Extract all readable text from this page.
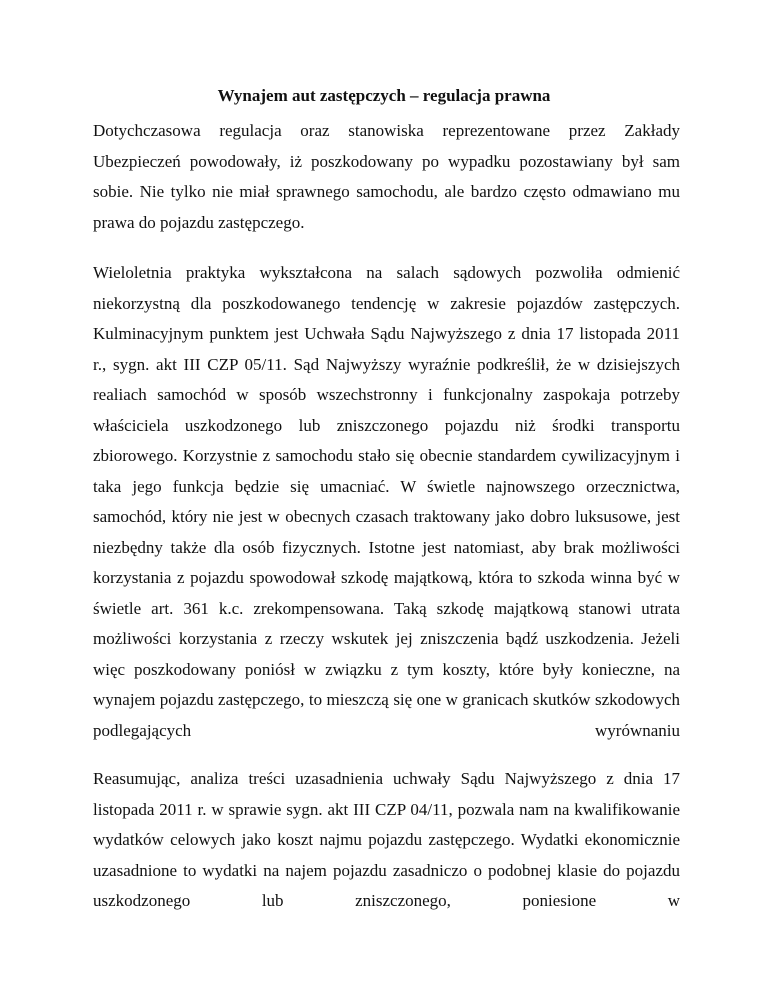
Wynajem aut zastępczych – regulacja prawna

Dotychczasowa regulacja oraz stanowiska reprezentowane przez Zakłady Ubezpieczeń powodowały, iż poszkodowany po wypadku pozostawiany był sam sobie. Nie tylko nie miał sprawnego samochodu, ale bardzo często odmawiano mu prawa do pojazdu zastępczego.

Wieloletnia praktyka wykształcona na salach sądowych pozwoliła odmienić niekorzystną dla poszkodowanego tendencję w zakresie pojazdów zastępczych. Kulminacyjnym punktem jest Uchwała Sądu Najwyższego z dnia 17 listopada 2011 r., sygn. akt III CZP 05/11. Sąd Najwyższy wyraźnie podkreślił, że w dzisiejszych realiach samochód w sposób wszechstronny i funkcjonalny zaspokaja potrzeby właściciela uszkodzonego lub zniszczonego pojazdu niż środki transportu zbiorowego. Korzystnie z samochodu stało się obecnie standardem cywilizacyjnym i taka jego funkcja będzie się umacniać. W świetle najnowszego orzecznictwa, samochód, który nie jest w obecnych czasach traktowany jako dobro luksusowe, jest niezbędny także dla osób fizycznych. Istotne jest natomiast, aby brak możliwości korzystania z pojazdu spowodował szkodę majątkową, która to szkoda winna być w świetle art. 361 k.c. zrekompensowana. Taką szkodę majątkową stanowi utrata możliwości korzystania z rzeczy wskutek jej zniszczenia bądź uszkodzenia. Jeżeli więc poszkodowany poniósł w związku z tym koszty, które były konieczne, na wynajem pojazdu zastępczego, to mieszczą się one w granicach skutków szkodowych podlegających wyrównaniu

Reasumując, analiza treści uzasadnienia uchwały Sądu Najwyższego z dnia 17 listopada 2011 r. w sprawie sygn. akt III CZP 04/11, pozwala nam na kwalifikowanie wydatków celowych jako koszt najmu pojazdu zastępczego. Wydatki ekonomicznie uzasadnione to wydatki na najem pojazdu zasadniczo o podobnej klasie do pojazdu uszkodzonego lub zniszczonego, poniesione w
